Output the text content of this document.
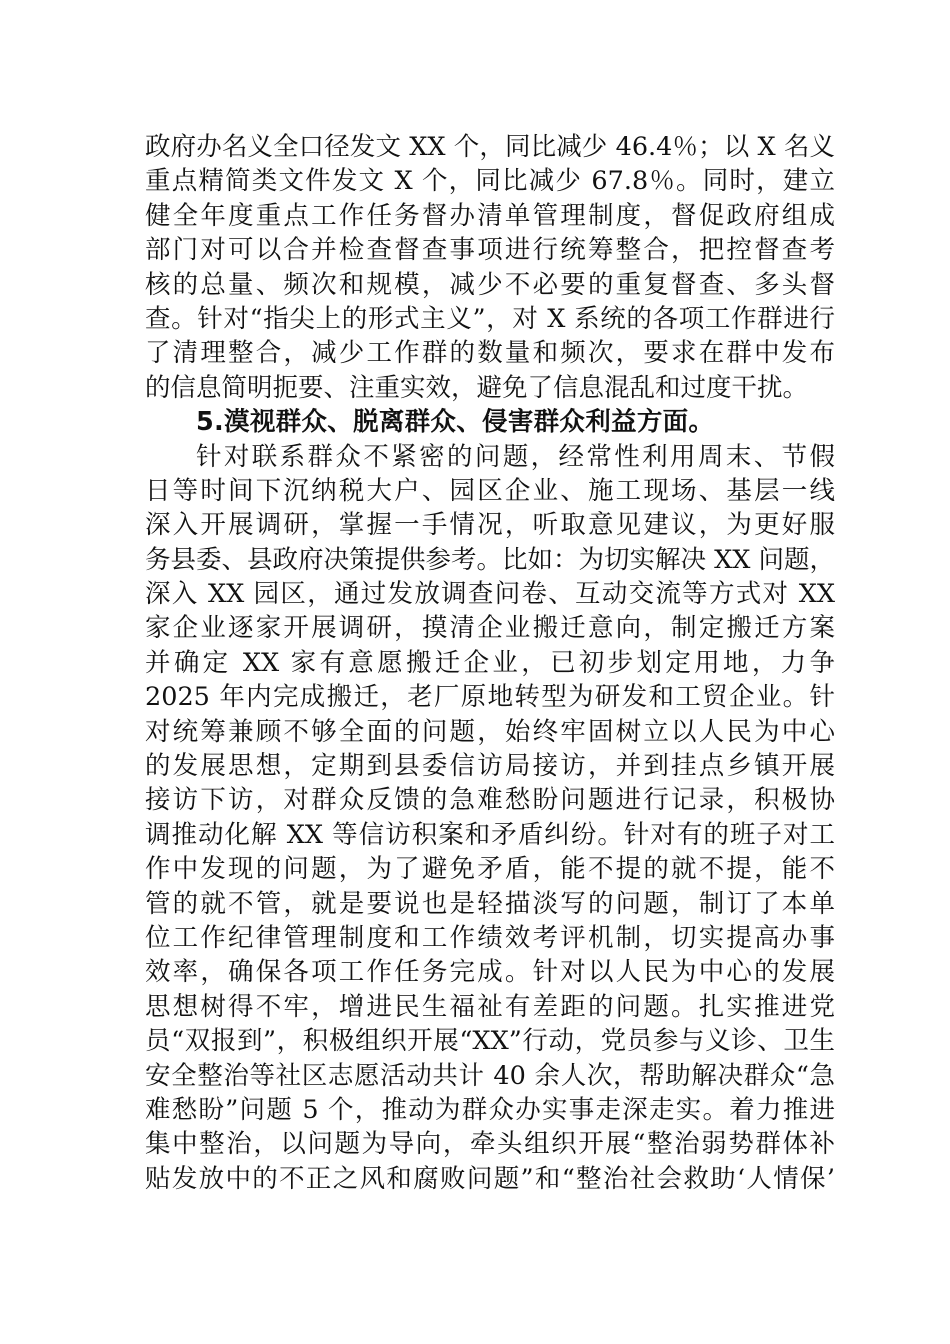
政府办名义全口径发文 XX 个，同比减少 46.4％；以 X 名义
重点精简类文件发文 X 个，同比减少 67.8％。同时，建立
健全年度重点工作任务督办清单管理制度，督促政府组成
部门对可以合并检查督查事项进行统筹整合，把控督查考
核的总量、频次和规模，减少不必要的重复督查、多头督
查。针对“指尖上的形式主义”，对 X 系统的各项工作群进行
了清理整合，减少工作群的数量和频次，要求在群中发布
的信息简明扼要、注重实效，避免了信息混乱和过度干扰。
5.漠视群众、脱离群众、侵害群众利益方面。
针对联系群众不紧密的问题，经常性利用周末、节假
日等时间下沉纳税大户、园区企业、施工现场、基层一线
深入开展调研，掌握一手情况，听取意见建议，为更好服
务县委、县政府决策提供参考。比如：为切实解决 XX 问题，
深入 XX 园区，通过发放调查问卷、互动交流等方式对 XX
家企业逐家开展调研，摸清企业搬迁意向，制定搬迁方案
并确定 XX 家有意愿搬迁企业，已初步划定用地，力争
2025 年内完成搬迁，老厂原地转型为研发和工贸企业。针
对统筹兼顾不够全面的问题，始终牢固树立以人民为中心
的发展思想，定期到县委信访局接访，并到挂点乡镇开展
接访下访，对群众反馈的急难愁盼问题进行记录，积极协
调推动化解 XX 等信访积案和矛盾纠纷。针对有的班子对工
作中发现的问题，为了避免矛盾，能不提的就不提，能不
管的就不管，就是要说也是轻描淡写的问题，制订了本单
位工作纪律管理制度和工作绩效考评机制，切实提高办事
效率，确保各项工作任务完成。针对以人民为中心的发展
思想树得不牢，增进民生福祉有差距的问题。扎实推进党
员“双报到”，积极组织开展“XX”行动，党员参与义诊、卫生
安全整治等社区志愿活动共计 40 余人次，帮助解决群众“急
难愁盼”问题 5 个，推动为群众办实事走深走实。着力推进
集中整治，以问题为导向，牵头组织开展“整治弱势群体补
贴发放中的不正之风和腐败问题”和“整治社会救助‘人情保’
